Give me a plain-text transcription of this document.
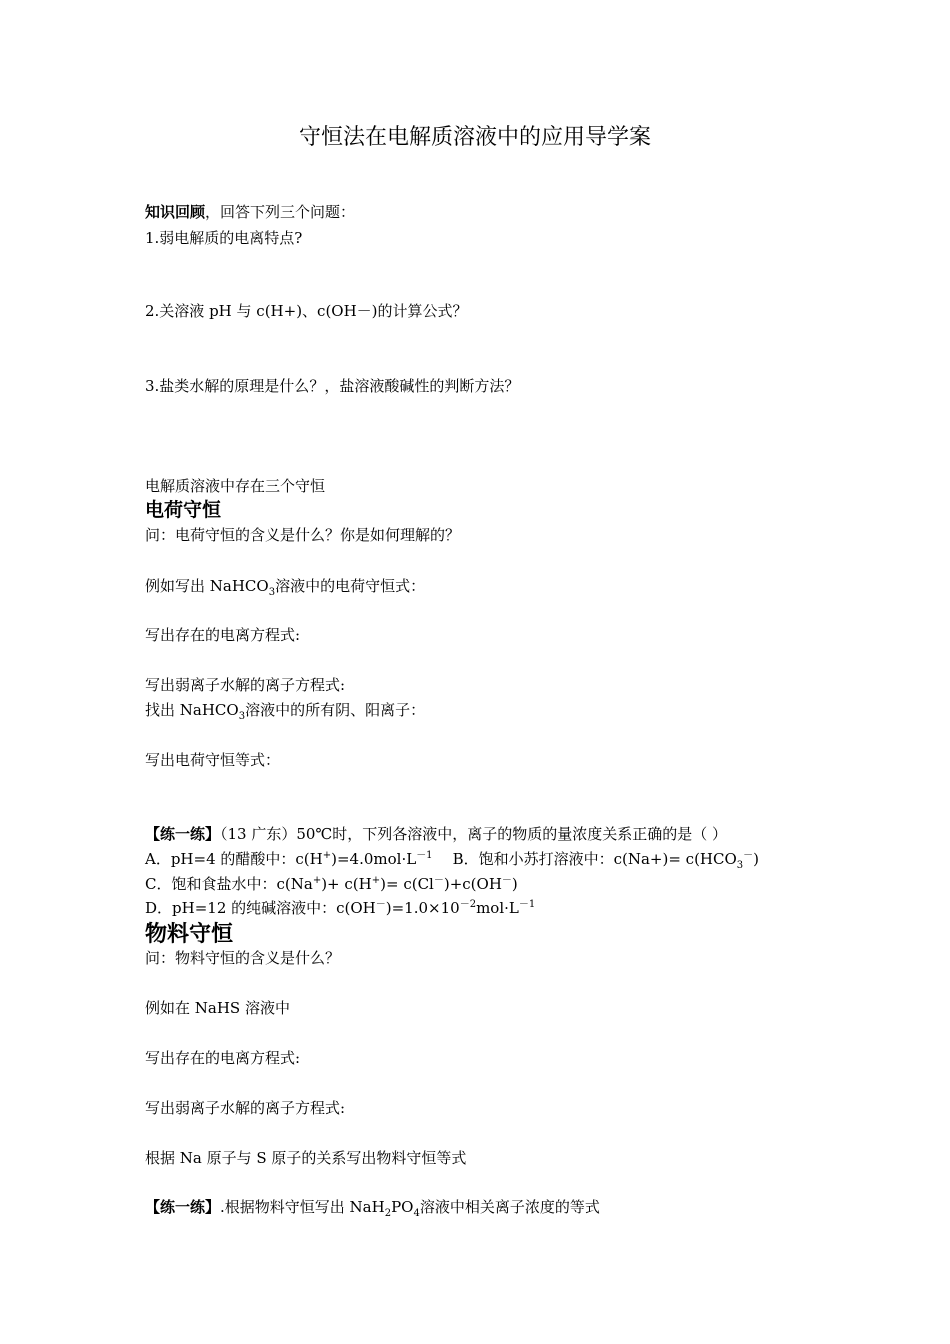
守恒法在电解质溶液中的应用导学案
知识回顾，回答下列三个问题：
1.弱电解质的电离特点?
2.关溶液 pH 与 c(H+)、c(OH－)的计算公式？
3.盐类水解的原理是什么？，盐溶液酸碱性的判断方法？
电解质溶液中存在三个守恒
电荷守恒
问：电荷守恒的含义是什么？你是如何理解的？
例如写出 NaHCO$_3$溶液中的电荷守恒式：
写出存在的电离方程式:
写出弱离子水解的离子方程式:
找出 NaHCO$_3$溶液中的所有阴、阳离子：
写出电荷守恒等式：
【练一练】（13 广东）50℃时，下列各溶液中，离子的物质的量浓度关系正确的是（ ）
A．pH=4 的醋酸中：$c(H^+)=4.0mol\cdot L^{-1}$ B．饱和小苏打溶液中：$c(Na+)= c(HCO_3^-)$
C．饱和食盐水中：c(Na+)+ c(H+)= c(Cl－)+c(OH－)
D．pH=12 的纯碱溶液中：$c(OH^-)=1.0\times 10^{-2}mol\cdot L^{-1}$
物料守恒
问：物料守恒的含义是什么？
例如在 NaHS 溶液中
写出存在的电离方程式:
写出弱离子水解的离子方程式:
根据 Na 原子与 S 原子的关系写出物料守恒等式
【练一练】.根据物料守恒写出 $NaH_2PO_4$溶液中相关离子浓度的等式
